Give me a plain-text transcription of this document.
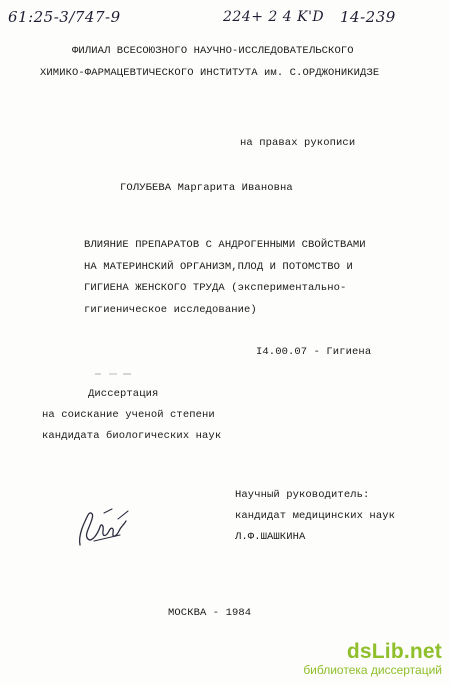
61:25-3/747-9	224+ 2 4 K'D 14-239
ФИЛИАЛ ВСЕСОЮЗНОГО НАУЧНО-ИССЛЕДОВАТЕЛЬСКОГО
ХИМИКО-ФАРМАЦЕВТИЧЕСКОГО ИНСТИТУТА им. С.ОРДЖОНИКИДЗЕ
на правах рукописи
ГОЛУБЕВА Маргарита Ивановна
ВЛИЯНИЕ ПРЕПАРАТОВ С АНДРОГЕННЫМИ СВОЙСТВАМИ
НА МАТЕРИНСКИЙ ОРГАНИЗМ,ПЛОД И ПОТОМСТВО И
ГИГИЕНА ЖЕНСКОГО ТРУДА (экспериментально-
гигиеническое исследование)
I4.00.07 - Гигиена
Диссертация
на соискание ученой степени
кандидата биологических наук
Научный руководитель:
кандидат медицинских наук
Л.Ф.ШАШКИНА
МОСКВА - 1984
dsLib.net
библиотека диссертаций
